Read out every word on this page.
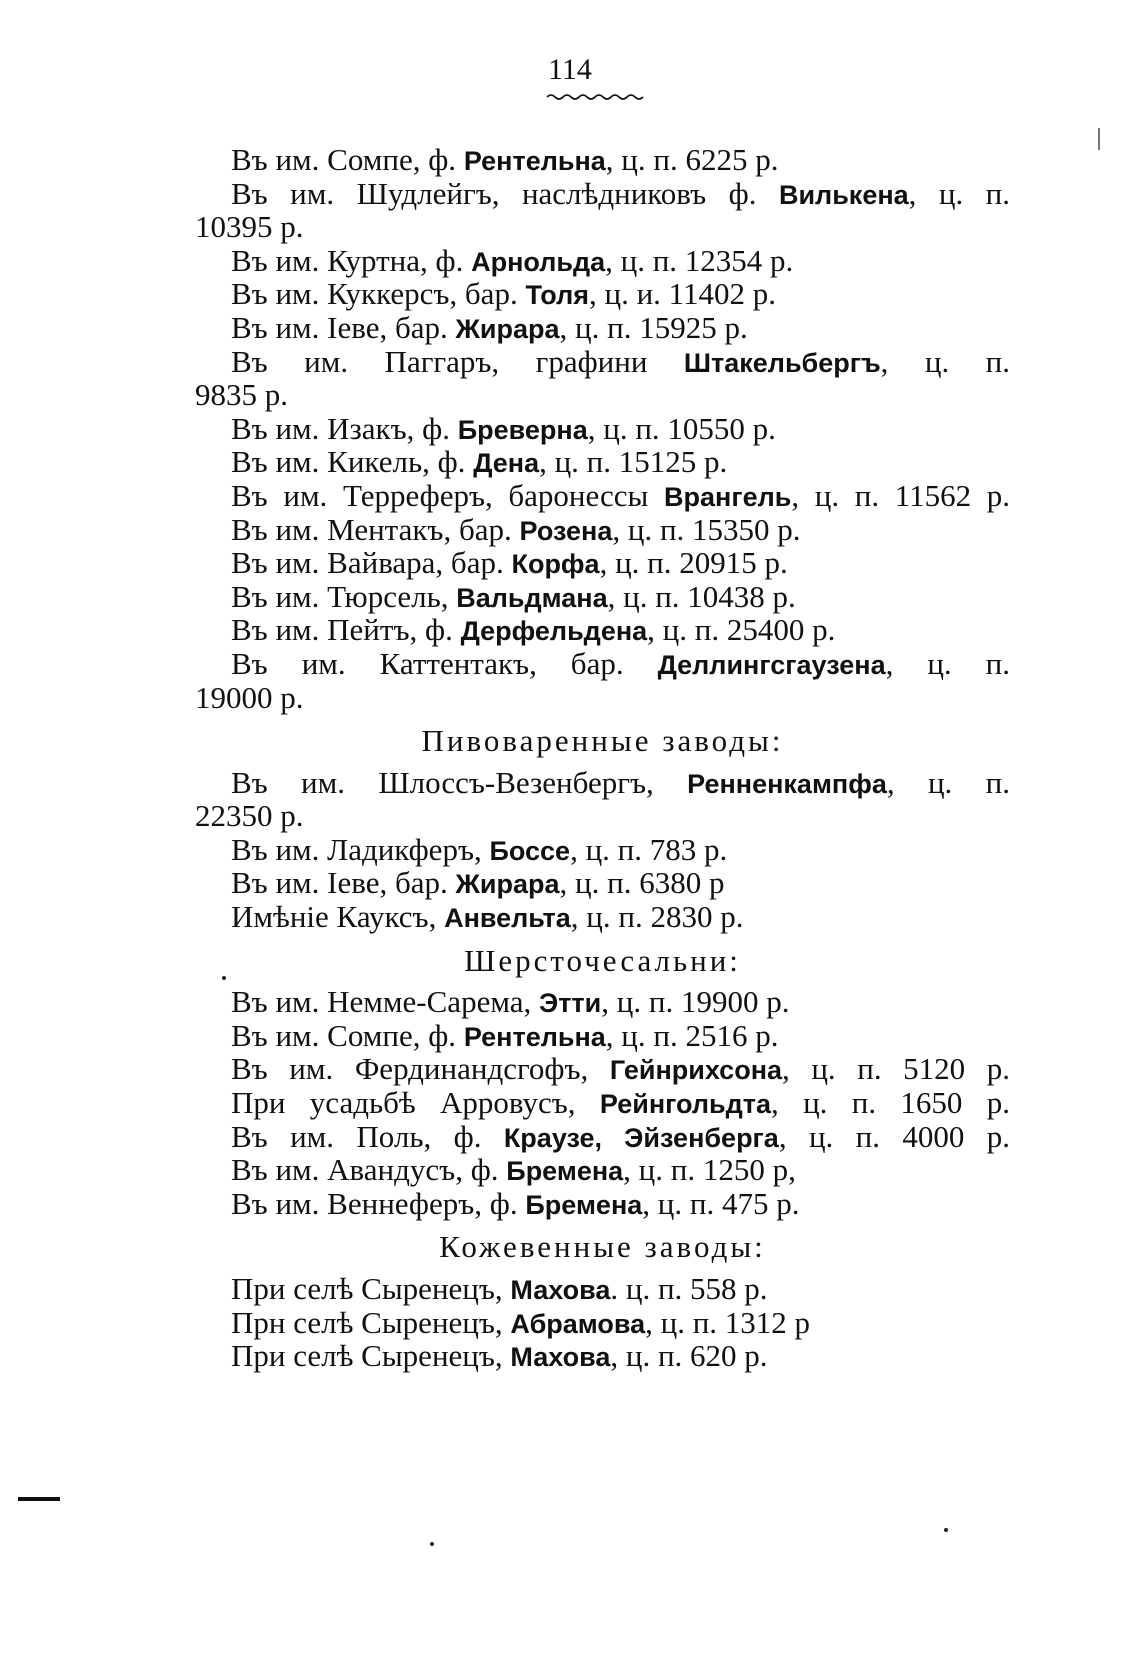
114
Въ им. Сомпе, ф. Рентельна, ц. п. 6225 р.
Въ им. Шудлейгъ, наслѣдниковъ ф. Вилькена, ц. п.
10395 р.
Въ им. Куртна, ф. Арнольда, ц. п. 12354 р.
Въ им. Куккерсъ, бар. Толя, ц. и. 11402 р.
Въ им. Іеве, бар. Жирара, ц. п. 15925 р.
Въ им. Паггаръ, графини Штакельбергъ, ц. п.
9835 р.
Въ им. Изакъ, ф. Бреверна, ц. п. 10550 р.
Въ им. Кикель, ф. Дена, ц. п. 15125 р.
Въ им. Терреферъ, баронессы Врангель, ц. п. 11562 р.
Въ им. Ментакъ, бар. Розена, ц. п. 15350 р.
Въ им. Вайвара, бар. Корфа, ц. п. 20915 р.
Въ им. Тюрсель, Вальдмана, ц. п. 10438 р.
Въ им. Пейтъ, ф. Дерфельдена, ц. п. 25400 р.
Въ им. Каттентакъ, бар. Деллингсгаузена, ц. п.
19000 р.
Пивоваренные заводы:
Въ им. Шлоссъ-Везенбергъ, Ренненкампфа, ц. п.
22350 р.
Въ им. Ладикферъ, Боссе, ц. п. 783 р.
Въ им. Іеве, бар. Жирара, ц. п. 6380 р
Имѣніе Кауксъ, Анвельта, ц. п. 2830 р.
Шерсточесальни:
Въ им. Немме-Сарема, Этти, ц. п. 19900 р.
Въ им. Сомпе, ф. Рентельна, ц. п. 2516 р.
Въ им. Фердинандсгофъ, Гейнрихсона, ц. п. 5120 р.
При усадьбѣ Арровусъ, Рейнгольдта, ц. п. 1650 р.
Въ им. Поль, ф. Краузе, Эйзенберга, ц. п. 4000 р.
Въ им. Авандусъ, ф. Бремена, ц. п. 1250 р,
Въ им. Веннеферъ, ф. Бремена, ц. п. 475 р.
Кожевенные заводы:
При селѣ Сыренецъ, Махова. ц. п. 558 р.
Прн селѣ Сыренецъ, Абрамова, ц. п. 1312 р
При селѣ Сыренецъ, Махова, ц. п. 620 р.
